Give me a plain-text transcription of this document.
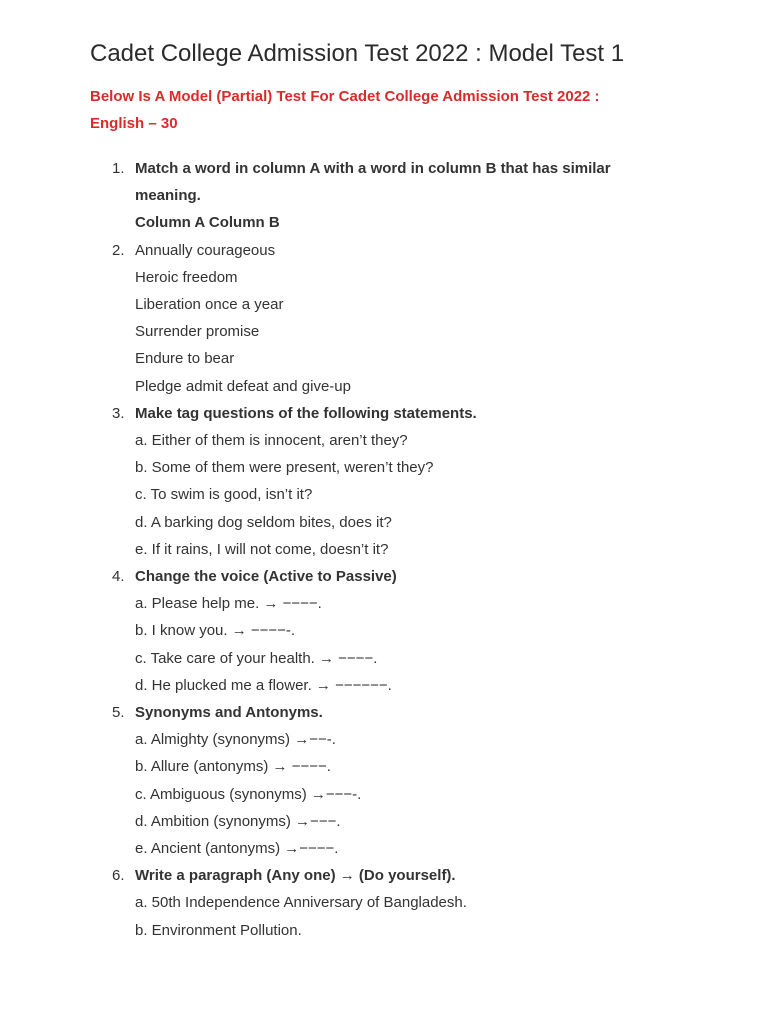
Cadet College Admission Test 2022 : Model Test 1

Below Is A Model (Partial) Test For Cadet College Admission Test 2022 : English – 30

1. Match a word in column A with a word in column B that has similar
meaning.
Column A Column B
2. Annually courageous
Heroic freedom
Liberation once a year
Surrender promise
Endure to bear
Pledge admit defeat and give-up
3. Make tag questions of the following statements.
a. Either of them is innocent, aren’t they?
b. Some of them were present, weren’t they?
c. To swim is good, isn’t it?
d. A barking dog seldom bites, does it?
e. If it rains, I will not come, doesn’t it?
4. Change the voice (Active to Passive)
a. Please help me. → −−−−.
b. I know you. → −−−−-.
c. Take care of your health. → −−−−.
d. He plucked me a flower. → −−−−−−.
5. Synonyms and Antonyms.
a. Almighty (synonyms) →−−-.
b. Allure (antonyms) → −−−−.
c. Ambiguous (synonyms) →−−−-.
d. Ambition (synonyms) →−−−.
e. Ancient (antonyms) →−−−−.
6. Write a paragraph (Any one) → (Do yourself).
a. 50th Independence Anniversary of Bangladesh.
b. Environment Pollution.
